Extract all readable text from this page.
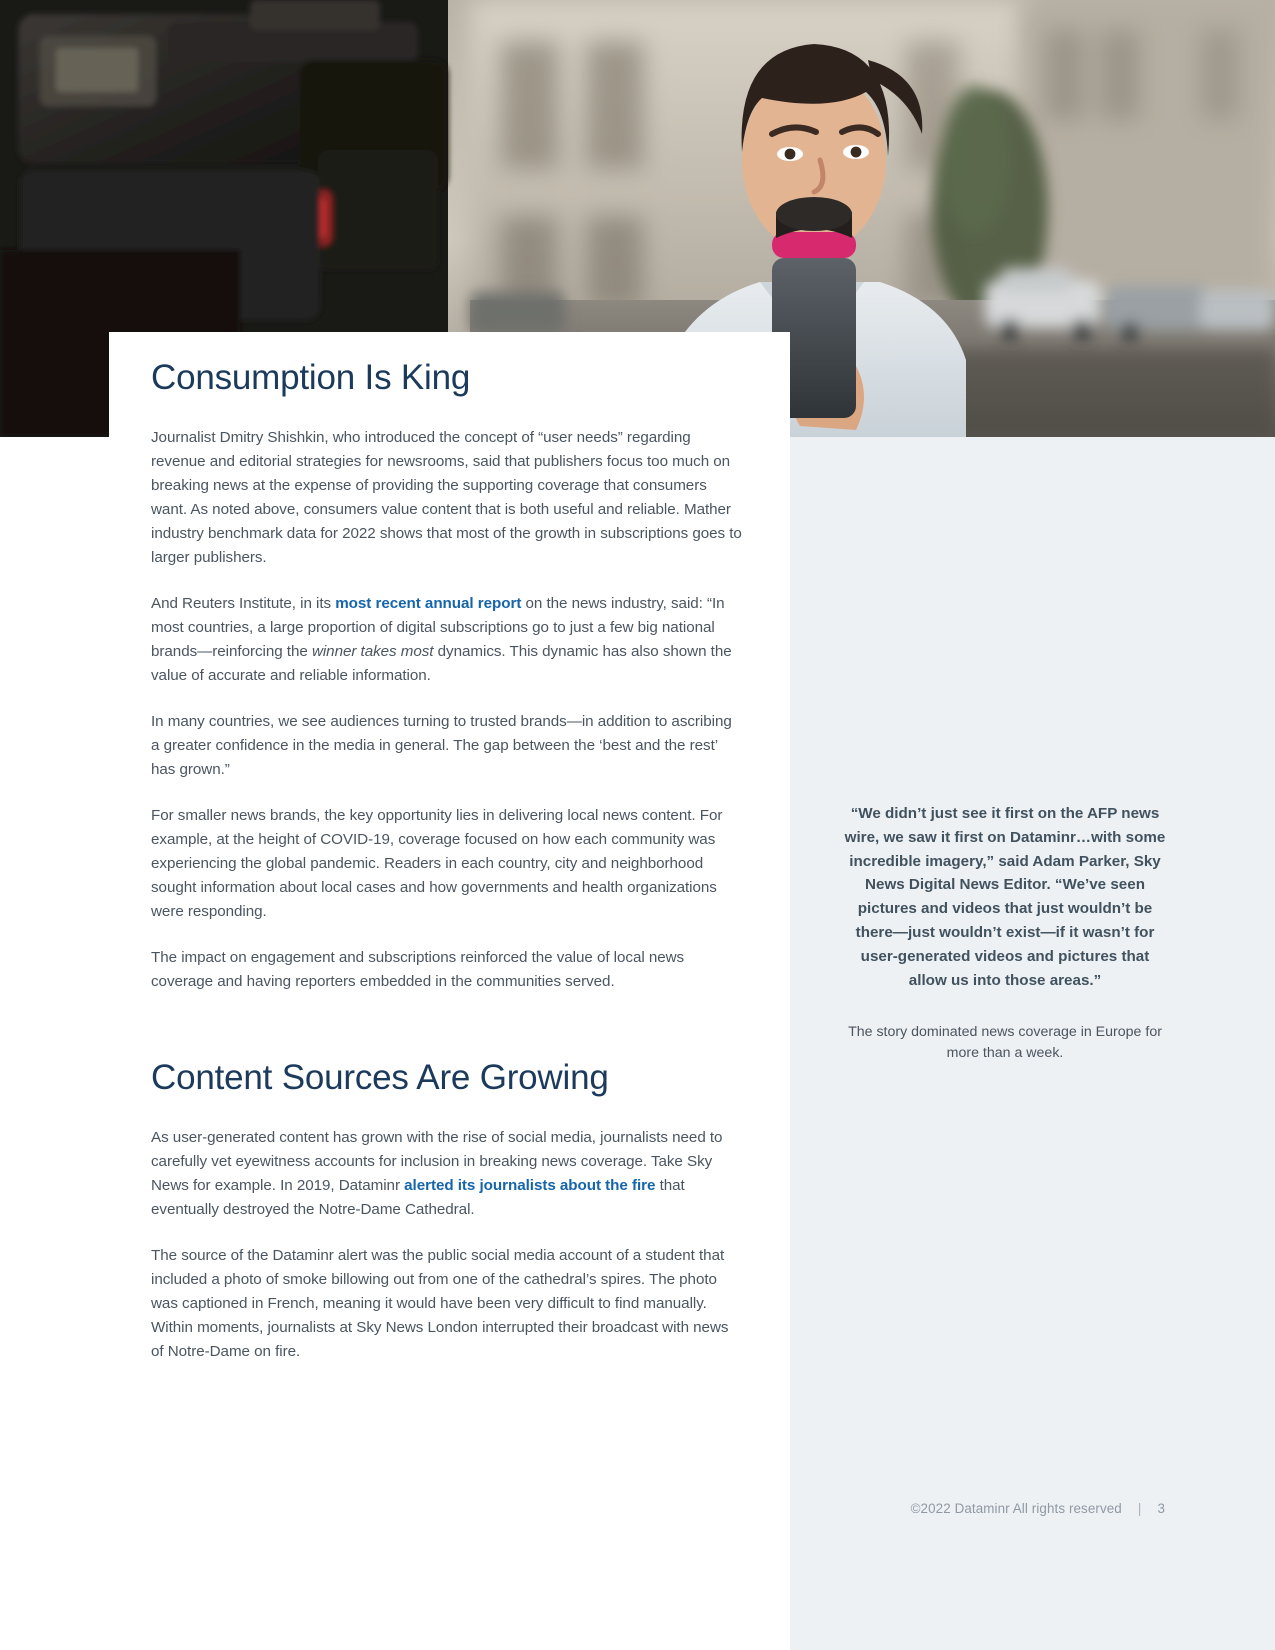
“We didn’t just see it first on the AFP news wire, we saw it first on Dataminr…with some incredible imagery,” said Adam Parker, Sky News Digital News Editor. “We’ve seen pictures and videos that just wouldn’t be there—just wouldn’t exist—if it wasn’t for user-generated videos and pictures that allow us into those areas.”

The story dominated news coverage in Europe for more than a week.

Consumption Is King

Journalist Dmitry Shishkin, who introduced the concept of “user needs” regarding revenue and editorial strategies for newsrooms, said that publishers focus too much on breaking news at the expense of providing the supporting coverage that consumers want. As noted above, consumers value content that is both useful and reliable. Mather industry benchmark data for 2022 shows that most of the growth in subscriptions goes to larger publishers.

And Reuters Institute, in its most recent annual report on the news industry, said: “In most countries, a large proportion of digital subscriptions go to just a few big national brands—reinforcing the winner takes most dynamics. This dynamic has also shown the value of accurate and reliable information.

In many countries, we see audiences turning to trusted brands—in addition to ascribing a greater confidence in the media in general. The gap between the ‘best and the rest’ has grown.”

For smaller news brands, the key opportunity lies in delivering local news content. For example, at the height of COVID-19, coverage focused on how each community was experiencing the global pandemic. Readers in each country, city and neighborhood sought information about local cases and how governments and health organizations were responding.

The impact on engagement and subscriptions reinforced the value of local news coverage and having reporters embedded in the communities served.

Content Sources Are Growing

As user-generated content has grown with the rise of social media, journalists need to carefully vet eyewitness accounts for inclusion in breaking news coverage. Take Sky News for example. In 2019, Dataminr alerted its journalists about the fire that eventually destroyed the Notre-Dame Cathedral.

The source of the Dataminr alert was the public social media account of a student that included a photo of smoke billowing out from one of the cathedral’s spires. The photo was captioned in French, meaning it would have been very difficult to find manually. Within moments, journalists at Sky News London interrupted their broadcast with news of Notre-Dame on fire.

©2022 Dataminr All rights reserved | 3
